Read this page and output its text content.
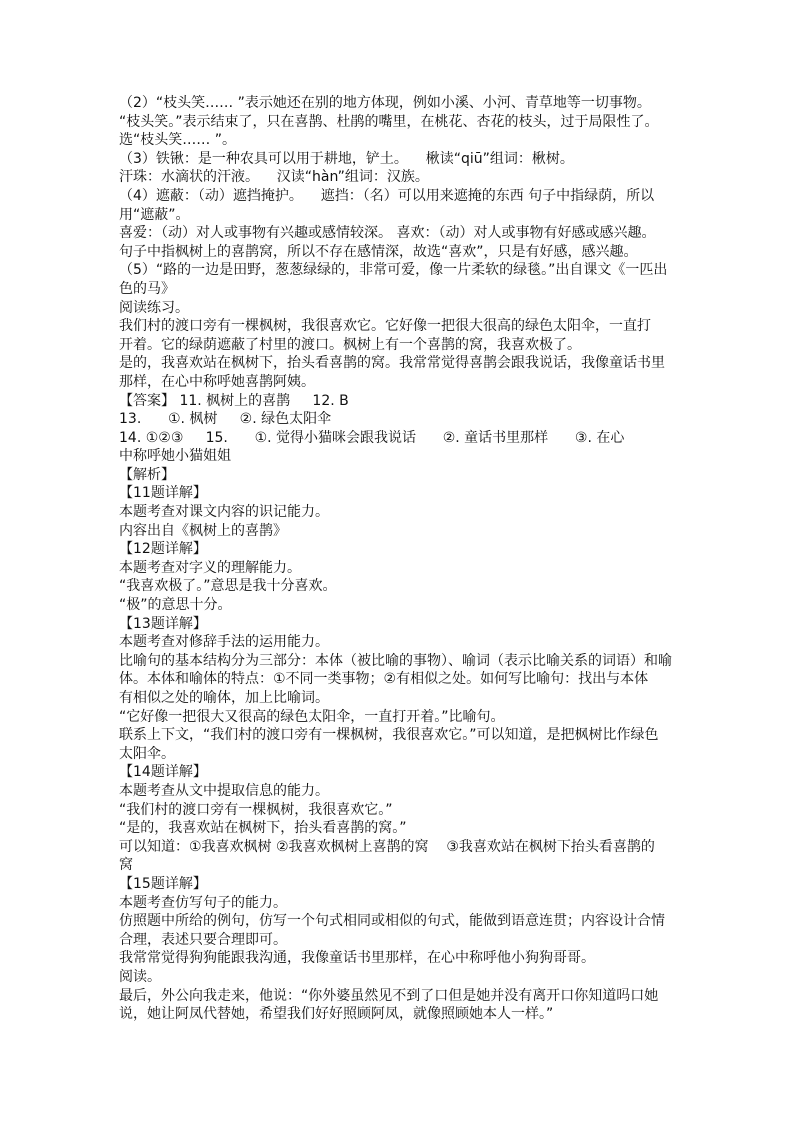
（2）“枝头笑…… ”表示她还在别的地方体现，例如小溪、小河、青草地等一切事物。
“枝头笑。”表示结束了，只在喜鹊、杜鹃的嘴里，在桃花、杏花的枝头，过于局限性了。
选“枝头笑…… ”。
（3）铁锹：是一种农具可以用于耕地，铲土。    楸读“qiū”组词：楸树。
汗珠：水滴状的汗液。    汉读“hàn”组词：汉族。
（4）遮蔽：（动）遮挡掩护。    遮挡：（名）可以用来遮掩的东西 句子中指绿荫，所以
用“遮蔽”。
喜爱：（动）对人或事物有兴趣或感情较深。 喜欢：（动）对人或事物有好感或感兴趣。
句子中指枫树上的喜鹊窝，所以不存在感情深，故选“喜欢”，只是有好感，感兴趣。
（5）“路的一边是田野，葱葱绿绿的，非常可爱，像一片柔软的绿毯。”出自课文《一匹出
色的马》
阅读练习。
我们村的渡口旁有一棵枫树，我很喜欢它。它好像一把很大很高的绿色太阳伞，一直打
开着。它的绿荫遮蔽了村里的渡口。枫树上有一个喜鹊的窝，我喜欢极了。
是的，我喜欢站在枫树下，抬头看喜鹊的窝。我常常觉得喜鹊会跟我说话，我像童话书里
那样，在心中称呼她喜鹊阿姨。
【答案】 11. 枫树上的喜鹊     12. B
13.      ①. 枫树     ②. 绿色太阳伞
14. ①②③     15.      ①. 觉得小猫咪会跟我说话      ②. 童话书里那样      ③. 在心
中称呼她小猫姐姐
【解析】
【11题详解】
本题考查对课文内容的识记能力。
内容出自《枫树上的喜鹊》
【12题详解】
本题考查对字义的理解能力。
“我喜欢极了。”意思是我十分喜欢。
“极”的意思十分。
【13题详解】
本题考查对修辞手法的运用能力。
比喻句的基本结构分为三部分：本体（被比喻的事物）、喻词（表示比喻关系的词语）和喻
体。本体和喻体的特点：①不同一类事物；②有相似之处。如何写比喻句：找出与本体
有相似之处的喻体，加上比喻词。
“它好像一把很大又很高的绿色太阳伞，一直打开着。”比喻句。
联系上下文，“我们村的渡口旁有一棵枫树，我很喜欢它。”可以知道，是把枫树比作绿色
太阳伞。
【14题详解】
本题考查从文中提取信息的能力。
“我们村的渡口旁有一棵枫树，我很喜欢它。”
“是的，我喜欢站在枫树下，抬头看喜鹊的窝。”
可以知道：①我喜欢枫树 ②我喜欢枫树上喜鹊的窝    ③我喜欢站在枫树下抬头看喜鹊的
窝
【15题详解】
本题考查仿写句子的能力。
仿照题中所给的例句，仿写一个句式相同或相似的句式，能做到语意连贯；内容设计合情
合理，表述只要合理即可。
我常常觉得狗狗能跟我沟通，我像童话书里那样，在心中称呼他小狗狗哥哥。
阅读。
最后，外公向我走来，他说：“你外婆虽然见不到了口但是她并没有离开口你知道吗口她
说，她让阿凤代替她，希望我们好好照顾阿凤，就像照顾她本人一样。”
